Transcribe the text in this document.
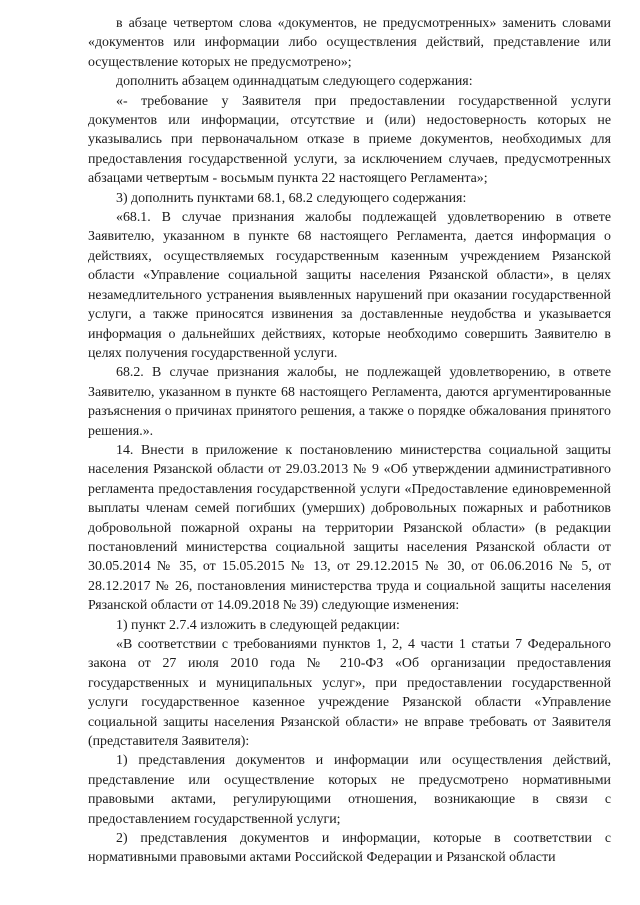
в абзаце четвертом слова «документов, не предусмотренных» заменить словами «документов или информации либо осуществления действий, представление или осуществление которых не предусмотрено»;

дополнить абзацем одиннадцатым следующего содержания:

«- требование у Заявителя при предоставлении государственной услуги документов или информации, отсутствие и (или) недостоверность которых не указывались при первоначальном отказе в приеме документов, необходимых для предоставления государственной услуги, за исключением случаев, предусмотренных абзацами четвертым - восьмым пункта 22 настоящего Регламента»;

3) дополнить пунктами 68.1, 68.2 следующего содержания:

«68.1. В случае признания жалобы подлежащей удовлетворению в ответе Заявителю, указанном в пункте 68 настоящего Регламента, дается информация о действиях, осуществляемых государственным казенным учреждением Рязанской области «Управление социальной защиты населения Рязанской области», в целях незамедлительного устранения выявленных нарушений при оказании государственной услуги, а также приносятся извинения за доставленные неудобства и указывается информация о дальнейших действиях, которые необходимо совершить Заявителю в целях получения государственной услуги.

68.2. В случае признания жалобы, не подлежащей удовлетворению, в ответе Заявителю, указанном в пункте 68 настоящего Регламента, даются аргументированные разъяснения о причинах принятого решения, а также о порядке обжалования принятого решения.».

14. Внести в приложение к постановлению министерства социальной защиты населения Рязанской области от 29.03.2013 № 9 «Об утверждении административного регламента предоставления государственной услуги «Предоставление единовременной выплаты членам семей погибших (умерших) добровольных пожарных и работников добровольной пожарной охраны на территории Рязанской области» (в редакции постановлений министерства социальной защиты населения Рязанской области от 30.05.2014 № 35, от 15.05.2015 № 13, от 29.12.2015 № 30, от 06.06.2016 № 5, от 28.12.2017 № 26, постановления министерства труда и социальной защиты населения Рязанской области от 14.09.2018 № 39) следующие изменения:

1) пункт 2.7.4 изложить в следующей редакции:

«В соответствии с требованиями пунктов 1, 2, 4 части 1 статьи 7 Федерального закона от 27 июля 2010 года № 210-ФЗ «Об организации предоставления государственных и муниципальных услуг», при предоставлении государственной услуги государственное казенное учреждение Рязанской области «Управление социальной защиты населения Рязанской области» не вправе требовать от Заявителя (представителя Заявителя):

1) представления документов и информации или осуществления действий, представление или осуществление которых не предусмотрено нормативными правовыми актами, регулирующими отношения, возникающие в связи с предоставлением государственной услуги;

2) представления документов и информации, которые в соответствии с нормативными правовыми актами Российской Федерации и Рязанской области
